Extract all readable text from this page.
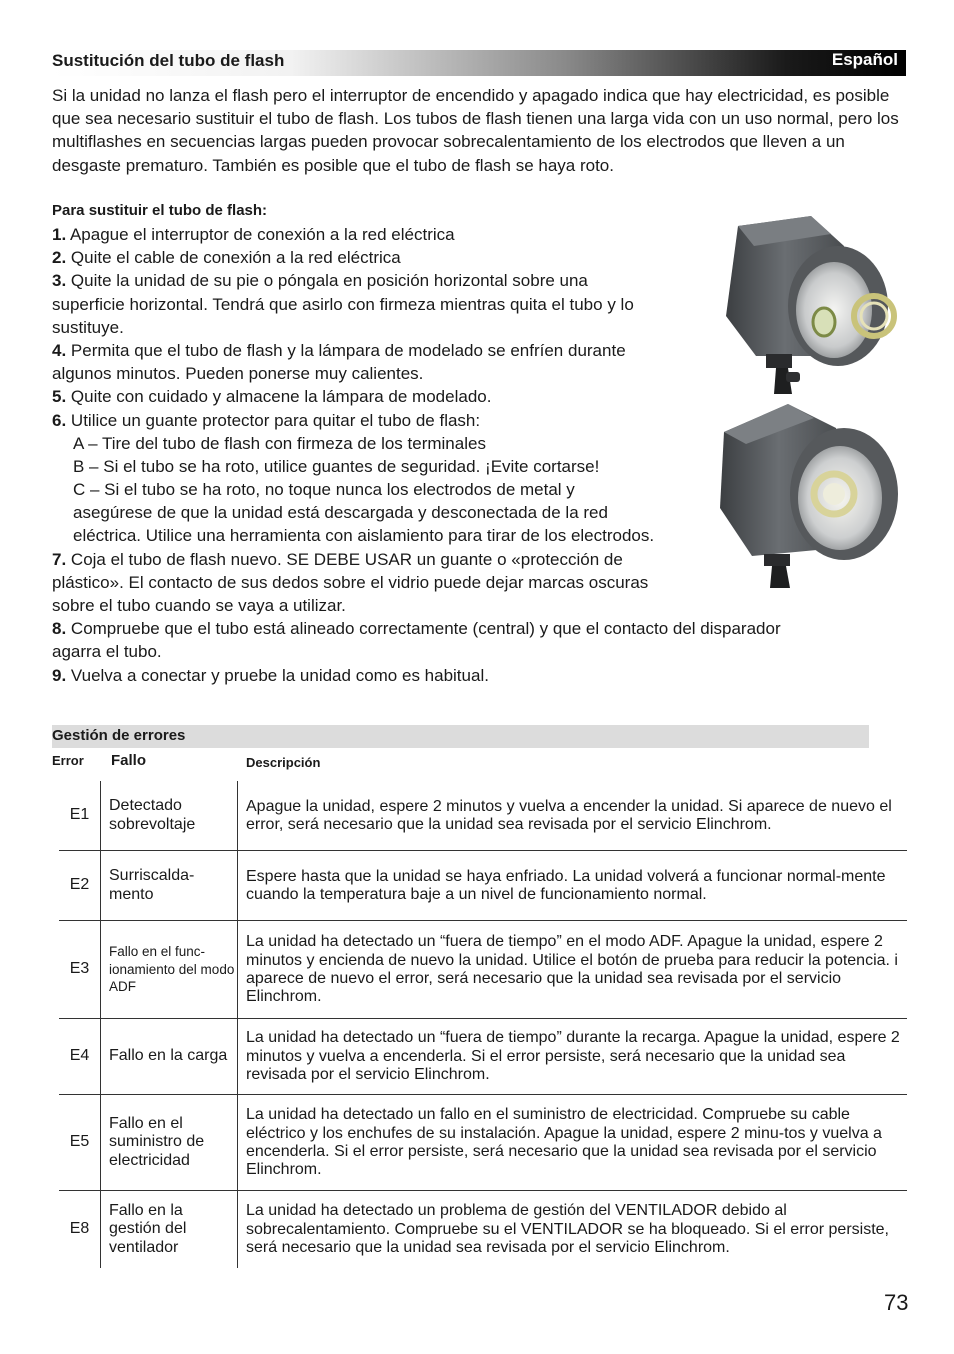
Sustitución del tubo de flash	Español

Si la unidad no lanza el flash pero el interruptor de encendido y apagado indica que hay electricidad, es posible que sea necesario sustituir el tubo de flash. Los tubos de flash tienen una larga vida con un uso normal, pero los multiflashes en secuencias largas pueden provocar sobrecalentamiento de los electrodos que lleven a un desgaste prematuro. También es posible que el tubo de flash se haya roto.

Para sustituir el tubo de flash:
1. Apague el interruptor de conexión a la red eléctrica
2. Quite el cable de conexión a la red eléctrica
3. Quite la unidad de su pie o póngala en posición horizontal sobre una
superficie horizontal. Tendrá que asirlo con firmeza mientras quita el tubo y lo
sustituye.
4. Permita que el tubo de flash y la lámpara de modelado se enfríen durante
algunos minutos. Pueden ponerse muy calientes.
5. Quite con cuidado y almacene la lámpara de modelado.
6. Utilice un guante protector para quitar el tubo de flash:
A – Tire del tubo de flash con firmeza de los terminales
B – Si el tubo se ha roto, utilice guantes de seguridad. ¡Evite cortarse!
C – Si el tubo se ha roto, no toque nunca los electrodos de metal y
asegúrese de que la unidad está descargada y desconectada de la red
eléctrica. Utilice una herramienta con aislamiento para tirar de los electrodos.
7. Coja el tubo de flash nuevo. SE DEBE USAR un guante o «protección de
plástico». El contacto de sus dedos sobre el vidrio puede dejar marcas oscuras
sobre el tubo cuando se vaya a utilizar.
8. Compruebe que el tubo está alineado correctamente (central) y que el contacto del disparador
agarra el tubo.
9. Vuelva a conectar y pruebe la unidad como es habitual.
Gestión de errores
Error Fallo	Descripción
E1	Detectado sobrevoltaje	Apague la unidad, espere 2 minutos y vuelva a encender la unidad. Si aparece de nuevo el error, será necesario que la unidad sea revisada por el servicio Elinchrom.
E2	Surriscalda-mento	Espere hasta que la unidad se haya enfriado. La unidad volverá a funcionar normal-mente cuando la temperatura baje a un nivel de funcionamiento normal.
E3	Fallo en el func-ionamiento del modo ADF	La unidad ha detectado un “fuera de tiempo” en el modo ADF. Apague la unidad, espere 2 minutos y encienda de nuevo la unidad. Utilice el botón de prueba para reducir la potencia. i aparece de nuevo el error, será necesario que la unidad sea revisada por el servicio Elinchrom.
E4	Fallo en la carga	La unidad ha detectado un “fuera de tiempo” durante la recarga. Apague la unidad, espere 2 minutos y vuelva a encenderla. Si el error persiste, será necesario que la unidad sea revisada por el servicio Elinchrom.
E5	Fallo en el suministro de electricidad	La unidad ha detectado un fallo en el suministro de electricidad. Compruebe su cable eléctrico y los enchufes de su instalación. Apague la unidad, espere 2 minu-tos y vuelva a encenderla. Si el error persiste, será necesario que la unidad sea revisada por el servicio Elinchrom.
E8	Fallo en la gestión del ventilador	La unidad ha detectado un problema de gestión del VENTILADOR debido al sobrecalentamiento. Compruebe su el VENTILADOR se ha bloqueado. Si el error persiste, será necesario que la unidad sea revisada por el servicio Elinchrom.
73
